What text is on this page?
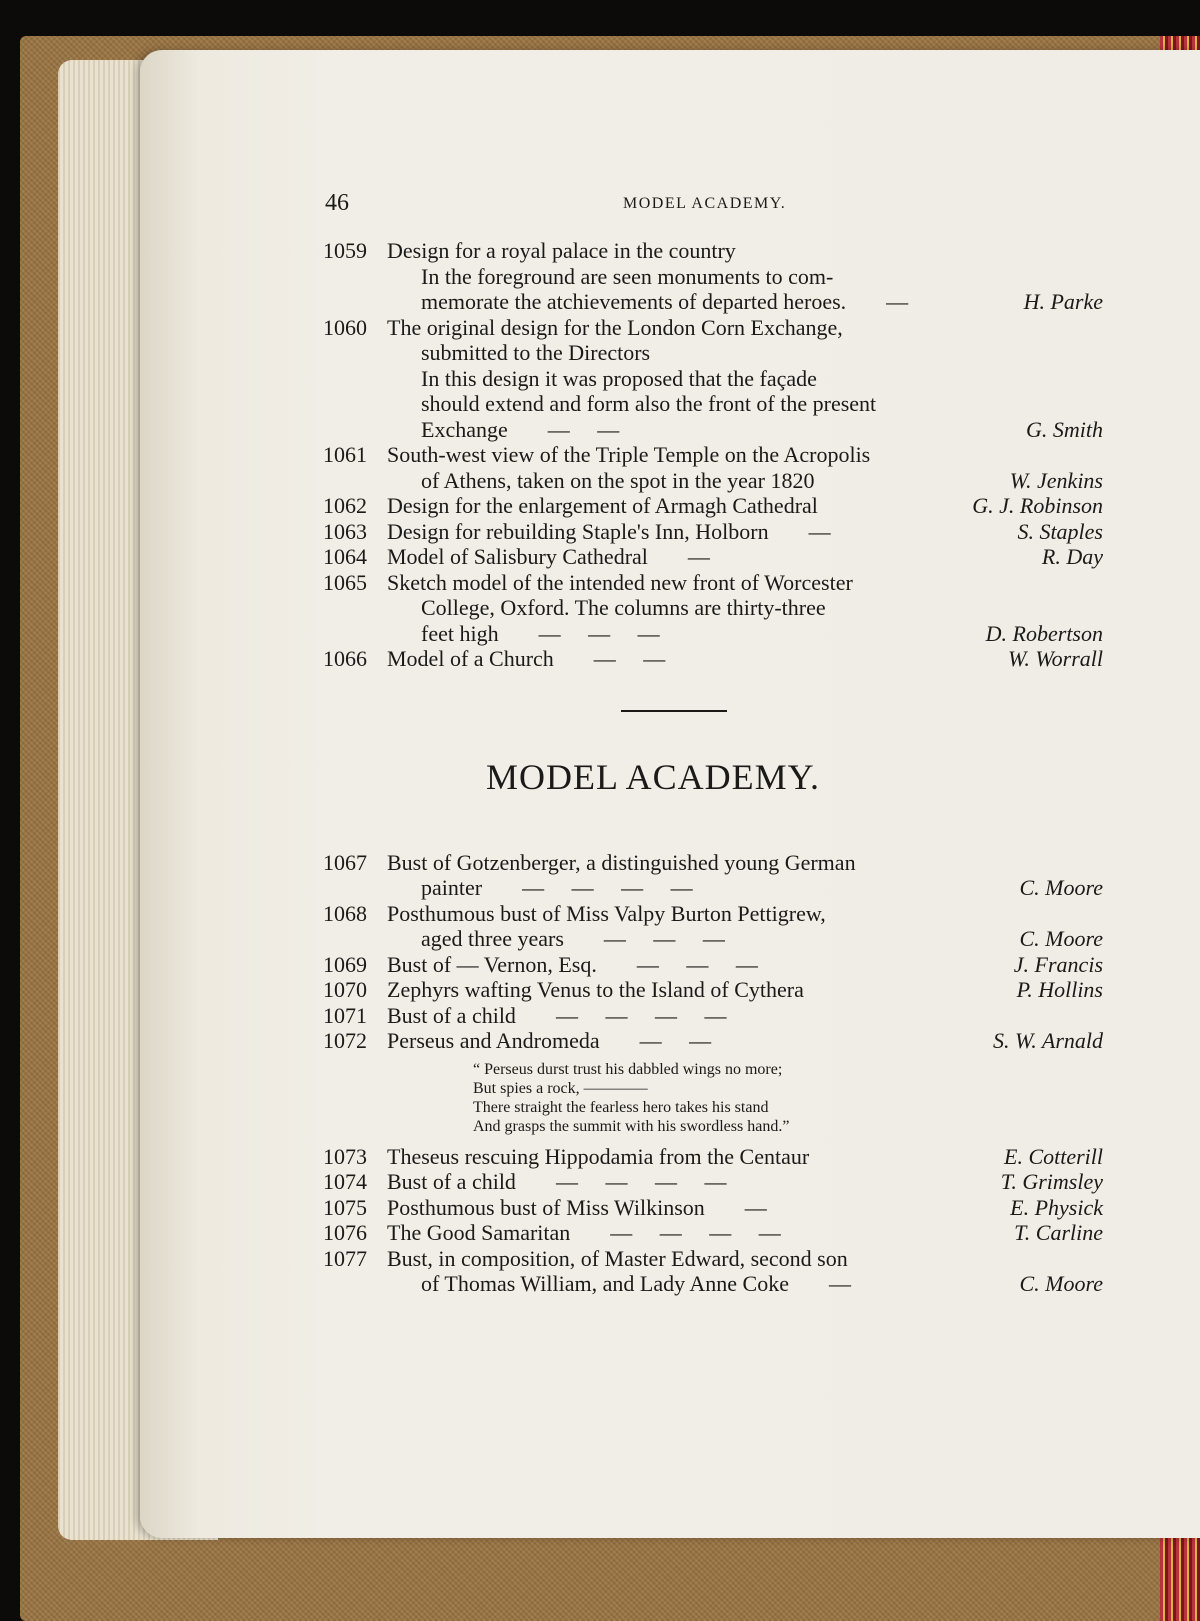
46	MODEL ACADEMY.
1059 Design for a royal palace in the country
In the foreground are seen monuments to com-
memorate the atchievements of departed heroes. —	H. Parke
1060 The original design for the London Corn Exchange,
submitted to the Directors
In this design it was proposed that the façade
should extend and form also the front of the present
Exchange —     —	G. Smith
1061 South-west view of the Triple Temple on the Acropolis
of Athens, taken on the spot in the year 1820	W. Jenkins
1062 Design for the enlargement of Armagh Cathedral	G. J. Robinson
1063 Design for rebuilding Staple's Inn, Holborn —	S. Staples
1064 Model of Salisbury Cathedral —	R. Day
1065 Sketch model of the intended new front of Worcester
College, Oxford. The columns are thirty-three
feet high —     —     —	D. Robertson
1066 Model of a Church —     —	W. Worrall
MODEL ACADEMY.
1067 Bust of Gotzenberger, a distinguished young German
painter —     —     —     —	C. Moore
1068 Posthumous bust of Miss Valpy Burton Pettigrew,
aged three years —     —     —	C. Moore
1069 Bust of — Vernon, Esq. —     —     —	J. Francis
1070 Zephyrs wafting Venus to the Island of Cythera	P. Hollins
1071 Bust of a child —     —     —     —
1072 Perseus and Andromeda —     —	S. W. Arnald
“ Perseus durst trust his dabbled wings no more;
But spies a rock, ————
There straight the fearless hero takes his stand
And grasps the summit with his swordless hand.”
1073 Theseus rescuing Hippodamia from the Centaur	E. Cotterill
1074 Bust of a child —     —     —     —	T. Grimsley
1075 Posthumous bust of Miss Wilkinson —	E. Physick
1076 The Good Samaritan —     —     —     —	T. Carline
1077 Bust, in composition, of Master Edward, second son
of Thomas William, and Lady Anne Coke —	C. Moore
